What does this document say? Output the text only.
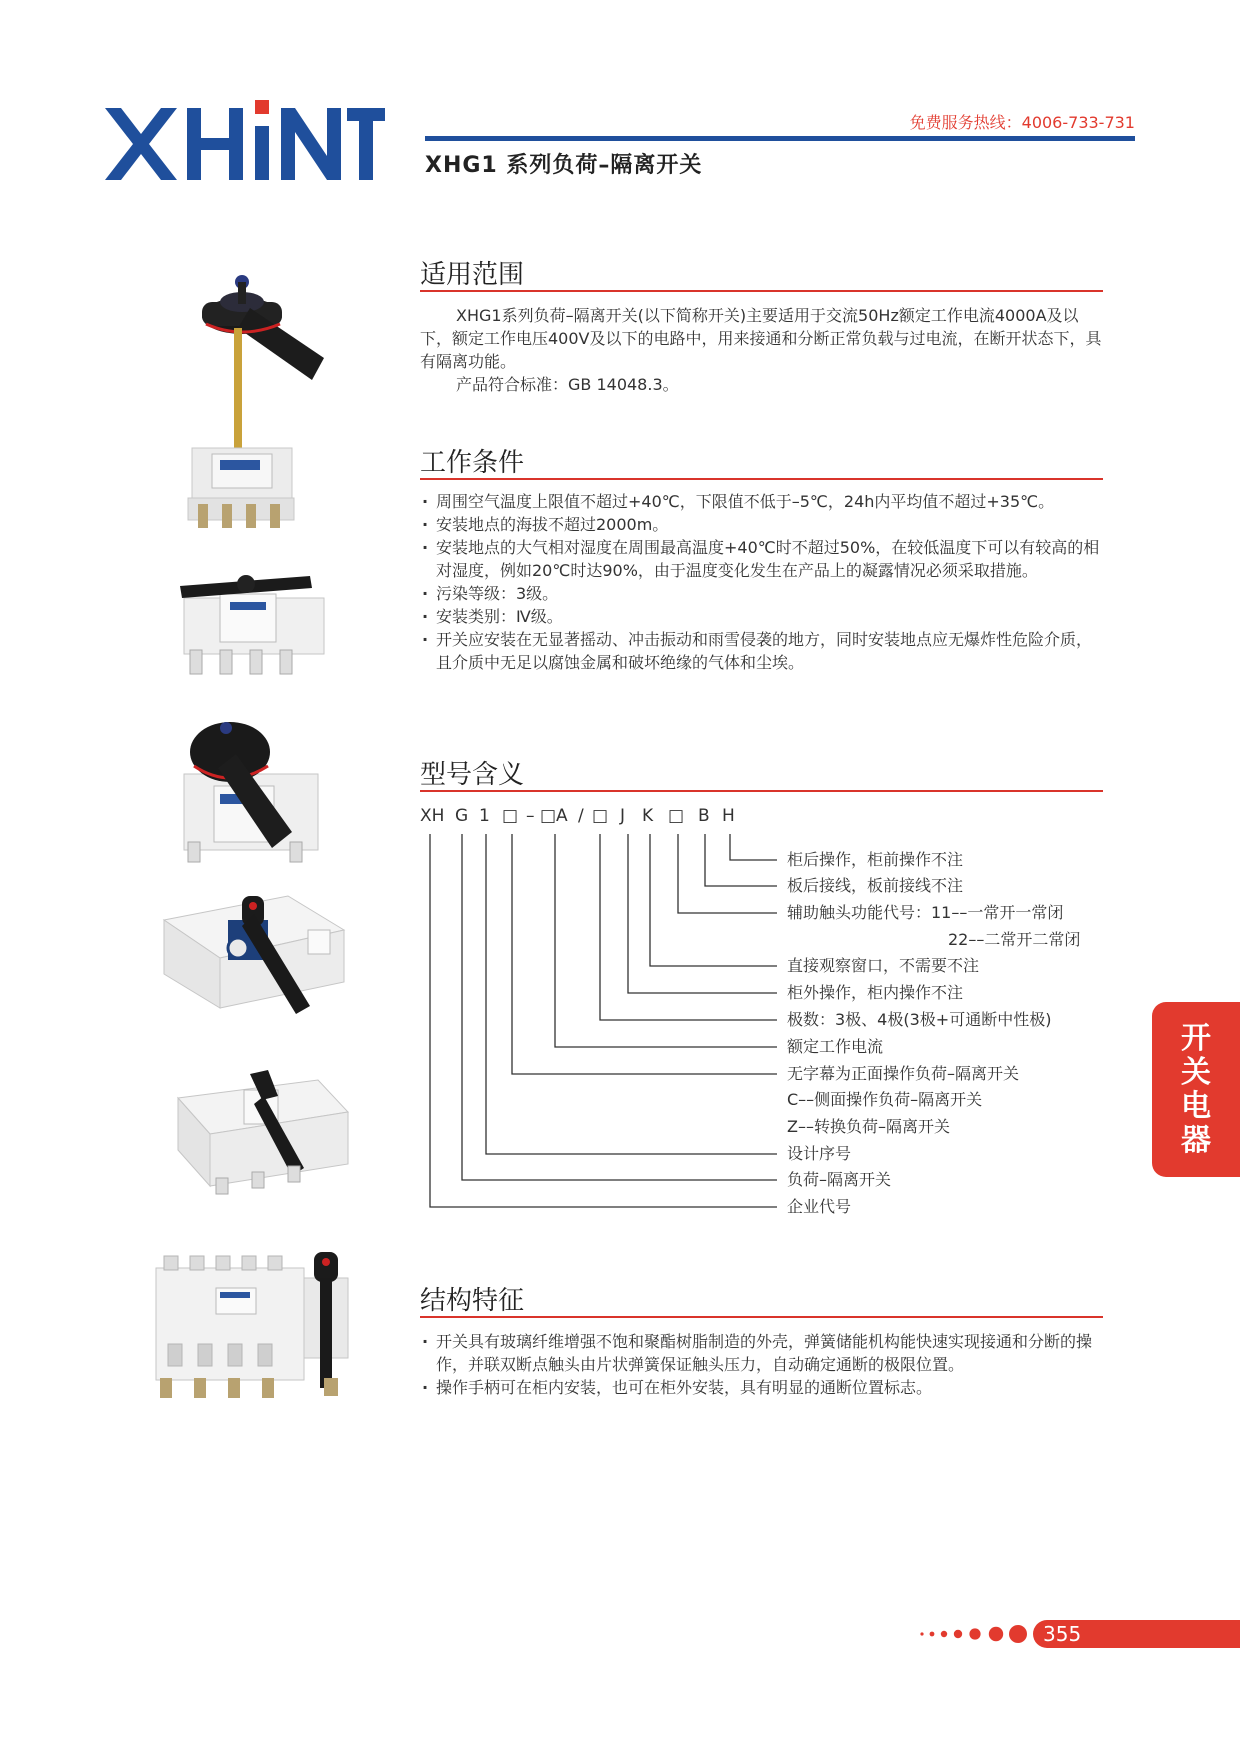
免费服务热线：4006-733-731
XHG1 系列负荷–隔离开关
适用范围

XHG1系列负荷–隔离开关(以下简称开关)主要适用于交流50Hz额定工作电流4000A及以下，额定工作电压400V及以下的电路中，用来接通和分断正常负载与过电流，在断开状态下，具有隔离功能。
产品符合标准：GB 14048.3。

工作条件
· 周围空气温度上限值不超过+40℃，下限值不低于–5℃，24h内平均值不超过+35℃。
· 安装地点的海拔不超过2000m。
· 安装地点的大气相对湿度在周围最高温度+40℃时不超过50%，在较低温度下可以有较高的相对湿度，例如20℃时达90%，由于温度变化发生在产品上的凝露情况必须采取措施。
· 污染等级：3级。
· 安装类别：Ⅳ级。
· 开关应安装在无显著摇动、冲击振动和雨雪侵袭的地方，同时安装地点应无爆炸性危险介质，且介质中无足以腐蚀金属和破坏绝缘的气体和尘埃。
型号含义
XH G 1 □ – □A / □ J K □ B H
柜后操作，柜前操作不注
板后接线，板前接线不注
辅助触头功能代号：11––一常开一常闭
22––二常开二常闭
直接观察窗口，不需要不注
柜外操作，柜内操作不注
极数：3极、4极(3极+可通断中性极)
额定工作电流
无字幕为正面操作负荷–隔离开关
C––侧面操作负荷–隔离开关
Z––转换负荷–隔离开关
设计序号
负荷–隔离开关
企业代号
结构特征
· 开关具有玻璃纤维增强不饱和聚酯树脂制造的外壳，弹簧储能机构能快速实现接通和分断的操作，并联双断点触头由片状弹簧保证触头压力，自动确定通断的极限位置。
· 操作手柄可在柜内安装，也可在柜外安装，具有明显的通断位置标志。
开
关
电
器
355
